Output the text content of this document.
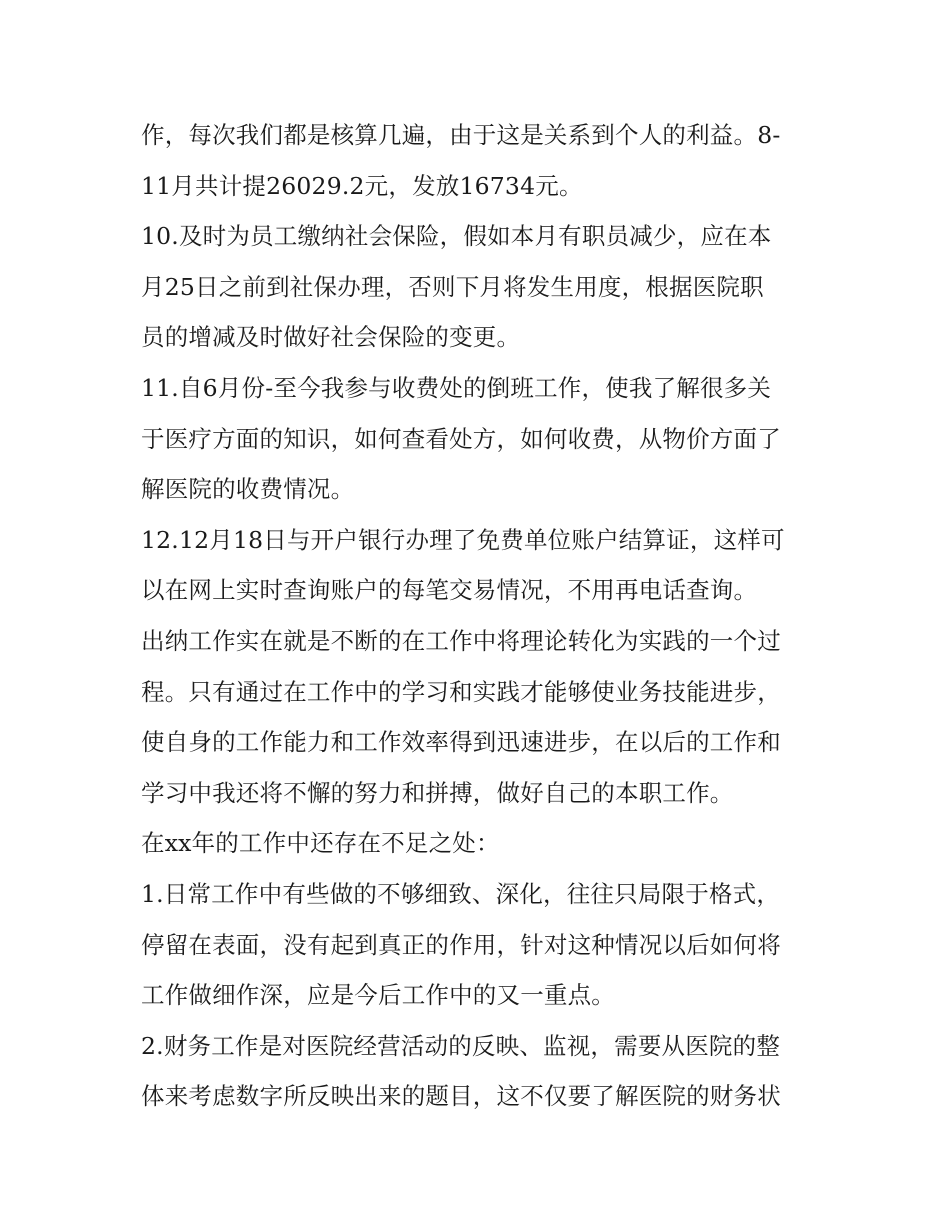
作，每次我们都是核算几遍，由于这是关系到个人的利益。8-
11月共计提26029.2元，发放16734元。
10.及时为员工缴纳社会保险，假如本月有职员减少，应在本
月25日之前到社保办理，否则下月将发生用度，根据医院职
员的增减及时做好社会保险的变更。
11.自6月份-至今我参与收费处的倒班工作，使我了解很多关
于医疗方面的知识，如何查看处方，如何收费，从物价方面了
解医院的收费情况。
12.12月18日与开户银行办理了免费单位账户结算证，这样可
以在网上实时查询账户的每笔交易情况，不用再电话查询。
出纳工作实在就是不断的在工作中将理论转化为实践的一个过
程。只有通过在工作中的学习和实践才能够使业务技能进步，
使自身的工作能力和工作效率得到迅速进步，在以后的工作和
学习中我还将不懈的努力和拼搏，做好自己的本职工作。
在xx年的工作中还存在不足之处：
1.日常工作中有些做的不够细致、深化，往往只局限于格式，
停留在表面，没有起到真正的作用，针对这种情况以后如何将
工作做细作深，应是今后工作中的又一重点。
2.财务工作是对医院经营活动的反映、监视，需要从医院的整
体来考虑数字所反映出来的题目，这不仅要了解医院的财务状
